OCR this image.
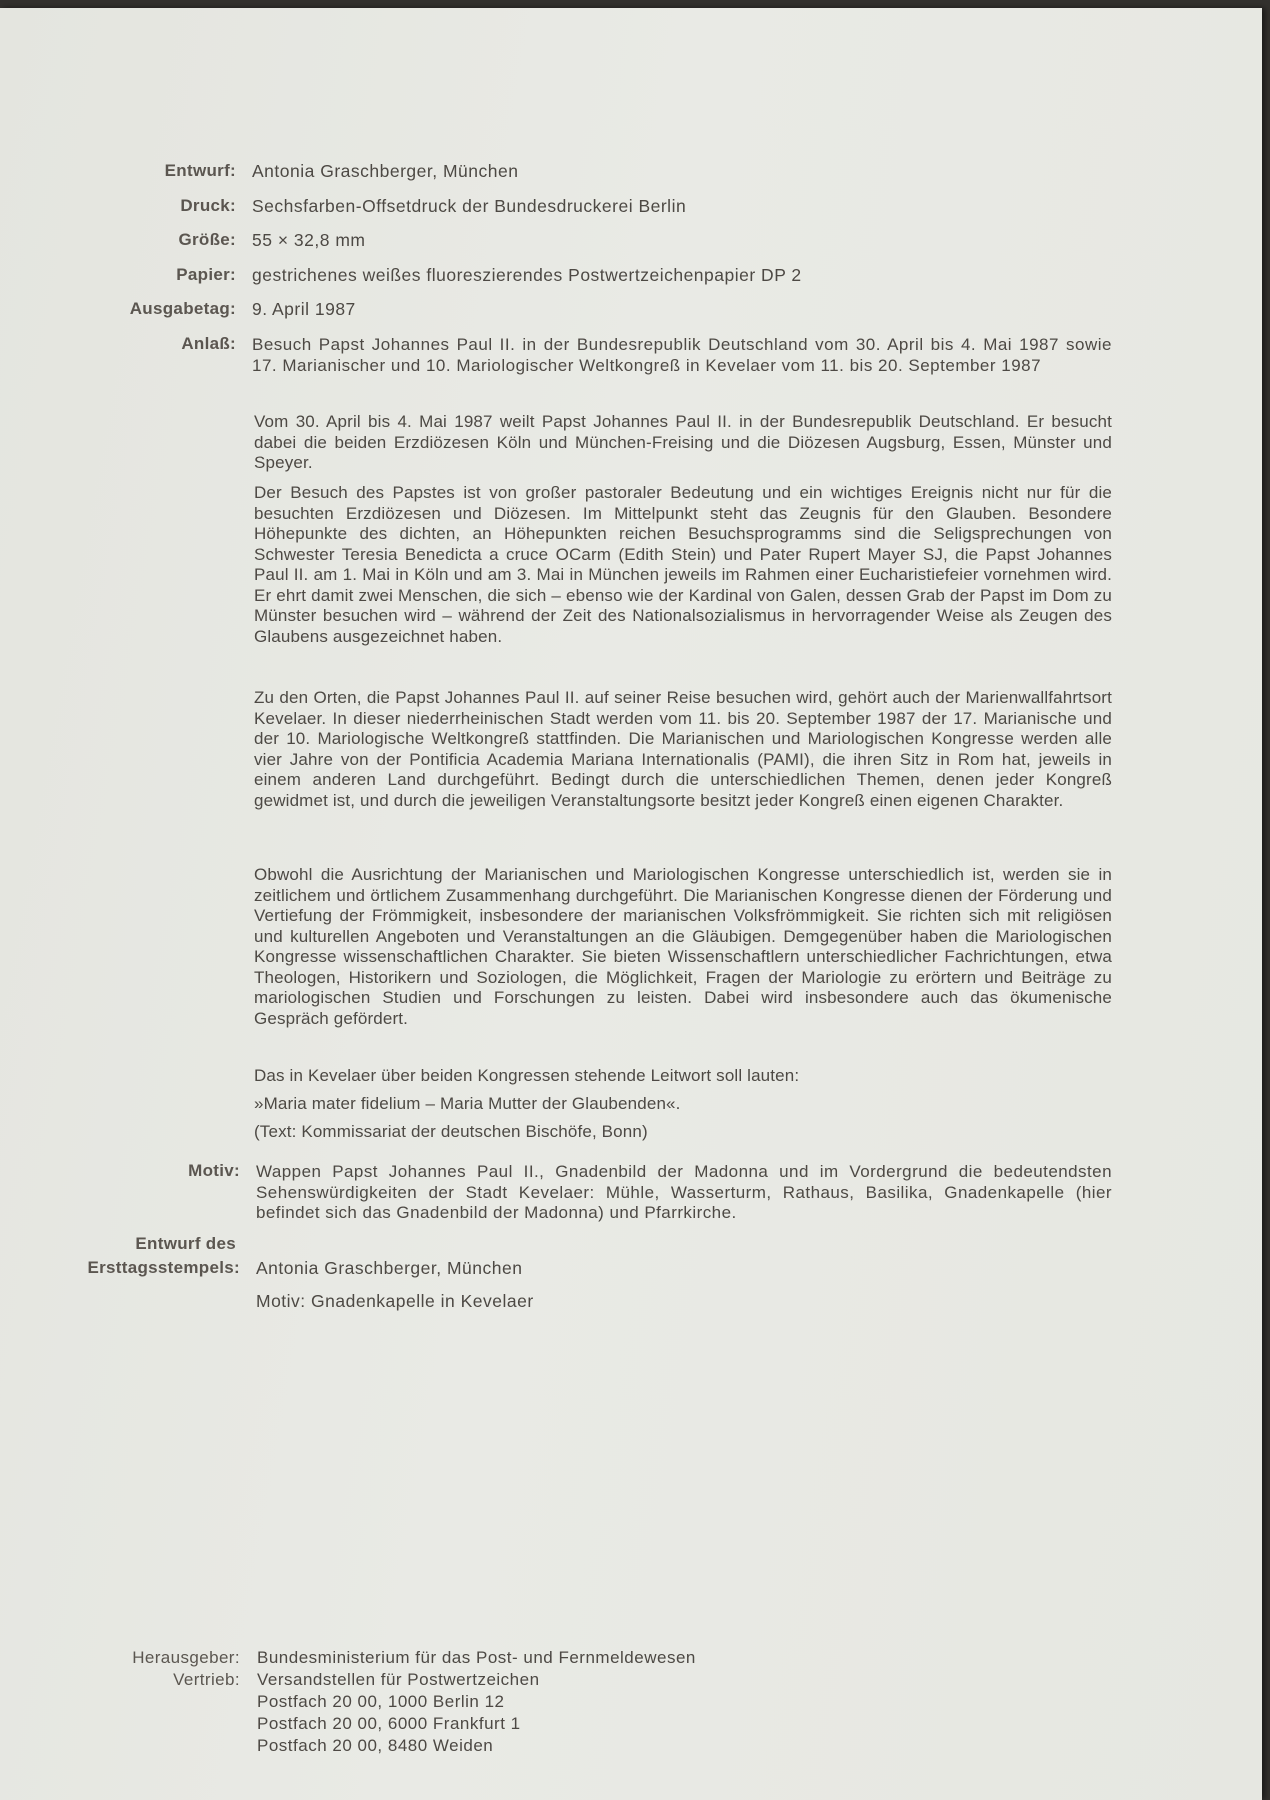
Entwurf: Antonia Graschberger, München
Druck: Sechsfarben-Offsetdruck der Bundesdruckerei Berlin
Größe: 55 × 32,8 mm
Papier: gestrichenes weißes fluoreszierendes Postwertzeichenpapier DP 2
Ausgabetag: 9. April 1987
Anlaß: Besuch Papst Johannes Paul II. in der Bundesrepublik Deutschland vom 30. April bis 4. Mai 1987 sowie 17. Marianischer und 10. Mariologischer Weltkongreß in Kevelaer vom 11. bis 20. September 1987
Vom 30. April bis 4. Mai 1987 weilt Papst Johannes Paul II. in der Bundesrepublik Deutschland. Er besucht dabei die beiden Erzdiözesen Köln und München-Freising und die Diözesen Augsburg, Essen, Münster und Speyer.
Der Besuch des Papstes ist von großer pastoraler Bedeutung und ein wichtiges Ereignis nicht nur für die besuchten Erzdiözesen und Diözesen. Im Mittelpunkt steht das Zeugnis für den Glauben. Besondere Höhepunkte des dichten, an Höhepunkten reichen Besuchsprogramms sind die Seligsprechungen von Schwester Teresia Benedicta a cruce OCarm (Edith Stein) und Pater Rupert Mayer SJ, die Papst Johannes Paul II. am 1. Mai in Köln und am 3. Mai in München jeweils im Rahmen einer Eucharistiefeier vornehmen wird. Er ehrt damit zwei Menschen, die sich – ebenso wie der Kardinal von Galen, dessen Grab der Papst im Dom zu Münster besuchen wird – während der Zeit des Nationalsozialismus in hervorragender Weise als Zeugen des Glaubens ausgezeichnet haben.
Zu den Orten, die Papst Johannes Paul II. auf seiner Reise besuchen wird, gehört auch der Marienwallfahrtsort Kevelaer. In dieser niederrheinischen Stadt werden vom 11. bis 20. September 1987 der 17. Marianische und der 10. Mariologische Weltkongreß stattfinden. Die Marianischen und Mariologischen Kongresse werden alle vier Jahre von der Pontificia Academia Mariana Internationalis (PAMI), die ihren Sitz in Rom hat, jeweils in einem anderen Land durchgeführt. Bedingt durch die unterschiedlichen Themen, denen jeder Kongreß gewidmet ist, und durch die jeweiligen Veranstaltungsorte besitzt jeder Kongreß einen eigenen Charakter.
Obwohl die Ausrichtung der Marianischen und Mariologischen Kongresse unterschiedlich ist, werden sie in zeitlichem und örtlichem Zusammenhang durchgeführt. Die Marianischen Kongresse dienen der Förderung und Vertiefung der Frömmigkeit, insbesondere der marianischen Volksfrömmigkeit. Sie richten sich mit religiösen und kulturellen Angeboten und Veranstaltungen an die Gläubigen. Demgegenüber haben die Mariologischen Kongresse wissenschaftlichen Charakter. Sie bieten Wissenschaftlern unterschiedlicher Fachrichtungen, etwa Theologen, Historikern und Soziologen, die Möglichkeit, Fragen der Mariologie zu erörtern und Beiträge zu mariologischen Studien und Forschungen zu leisten. Dabei wird insbesondere auch das ökumenische Gespräch gefördert.
Das in Kevelaer über beiden Kongressen stehende Leitwort soll lauten:
»Maria mater fidelium – Maria Mutter der Glaubenden«.
(Text: Kommissariat der deutschen Bischöfe, Bonn)
Motiv: Wappen Papst Johannes Paul II., Gnadenbild der Madonna und im Vordergrund die bedeutendsten Sehenswürdigkeiten der Stadt Kevelaer: Mühle, Wasserturm, Rathaus, Basilika, Gnadenkapelle (hier befindet sich das Gnadenbild der Madonna) und Pfarrkirche.
Entwurf des
Ersttagsstempels: Antonia Graschberger, München
Motiv: Gnadenkapelle in Kevelaer
Herausgeber: Bundesministerium für das Post- und Fernmeldewesen
Vertrieb: Versandstellen für Postwertzeichen
Postfach 20 00, 1000 Berlin 12
Postfach 20 00, 6000 Frankfurt 1
Postfach 20 00, 8480 Weiden
